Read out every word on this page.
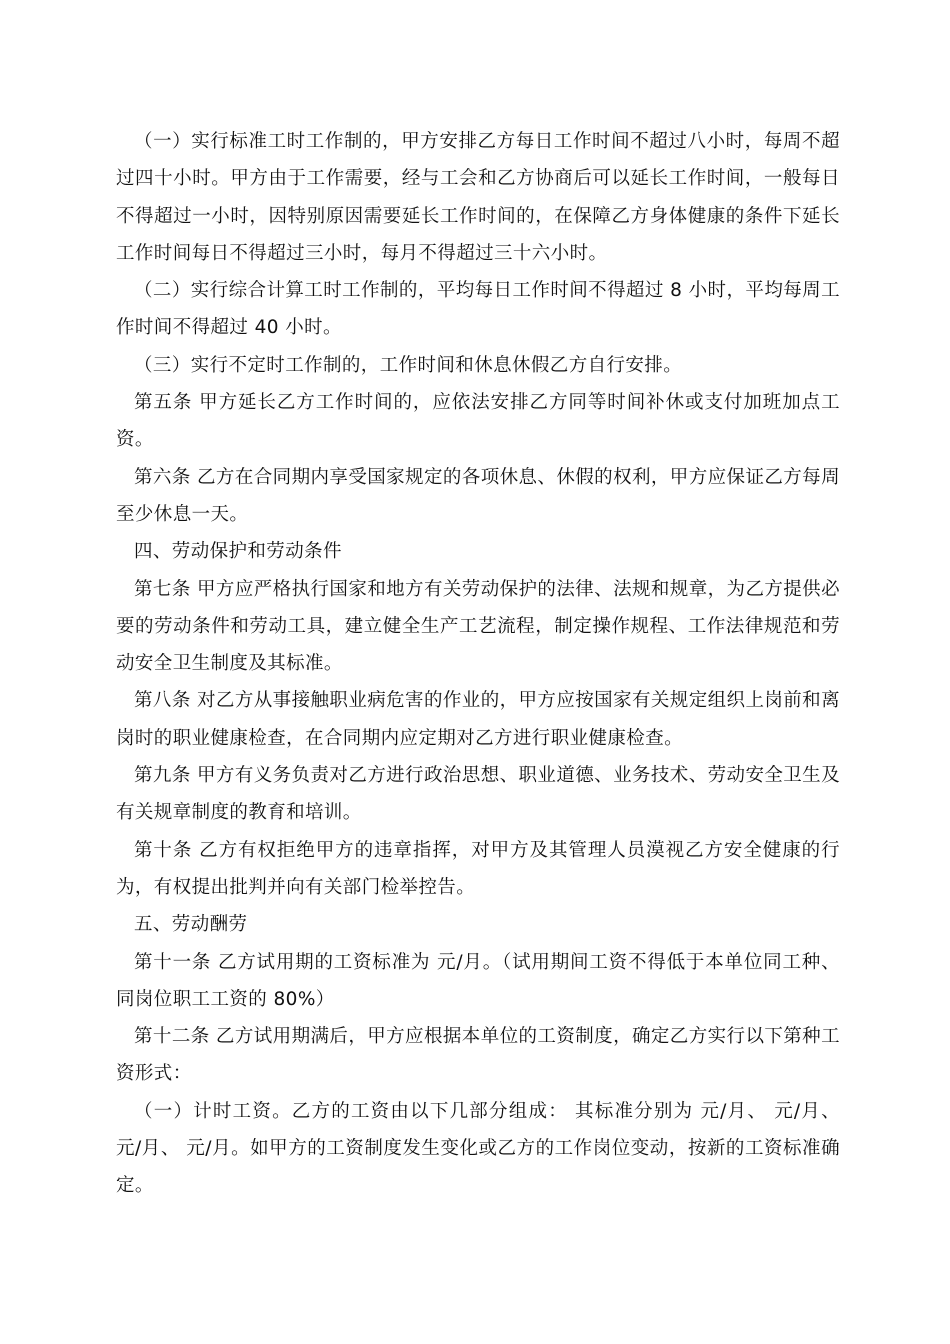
（一）实行标准工时工作制的，甲方安排乙方每日工作时间不超过八小时，每周不超过四十小时。甲方由于工作需要，经与工会和乙方协商后可以延长工作时间，一般每日不得超过一小时，因特别原因需要延长工作时间的，在保障乙方身体健康的条件下延长工作时间每日不得超过三小时，每月不得超过三十六小时。

（二）实行综合计算工时工作制的，平均每日工作时间不得超过 8 小时，平均每周工作时间不得超过 40 小时。

（三）实行不定时工作制的，工作时间和休息休假乙方自行安排。

第五条 甲方延长乙方工作时间的，应依法安排乙方同等时间补休或支付加班加点工资。

第六条 乙方在合同期内享受国家规定的各项休息、休假的权利，甲方应保证乙方每周至少休息一天。

四、劳动保护和劳动条件

第七条 甲方应严格执行国家和地方有关劳动保护的法律、法规和规章，为乙方提供必要的劳动条件和劳动工具，建立健全生产工艺流程，制定操作规程、工作法律规范和劳动安全卫生制度及其标准。

第八条 对乙方从事接触职业病危害的作业的，甲方应按国家有关规定组织上岗前和离岗时的职业健康检查，在合同期内应定期对乙方进行职业健康检查。

第九条 甲方有义务负责对乙方进行政治思想、职业道德、业务技术、劳动安全卫生及有关规章制度的教育和培训。

第十条 乙方有权拒绝甲方的违章指挥，对甲方及其管理人员漠视乙方安全健康的行为，有权提出批判并向有关部门检举控告。

五、劳动酬劳

第十一条 乙方试用期的工资标准为 元/月。（试用期间工资不得低于本单位同工种、同岗位职工工资的 80%）

第十二条 乙方试用期满后，甲方应根据本单位的工资制度，确定乙方实行以下第种工资形式：

（一）计时工资。乙方的工资由以下几部分组成： 其标准分别为 元/月、 元/月、 元/月、 元/月。如甲方的工资制度发生变化或乙方的工作岗位变动，按新的工资标准确定。
